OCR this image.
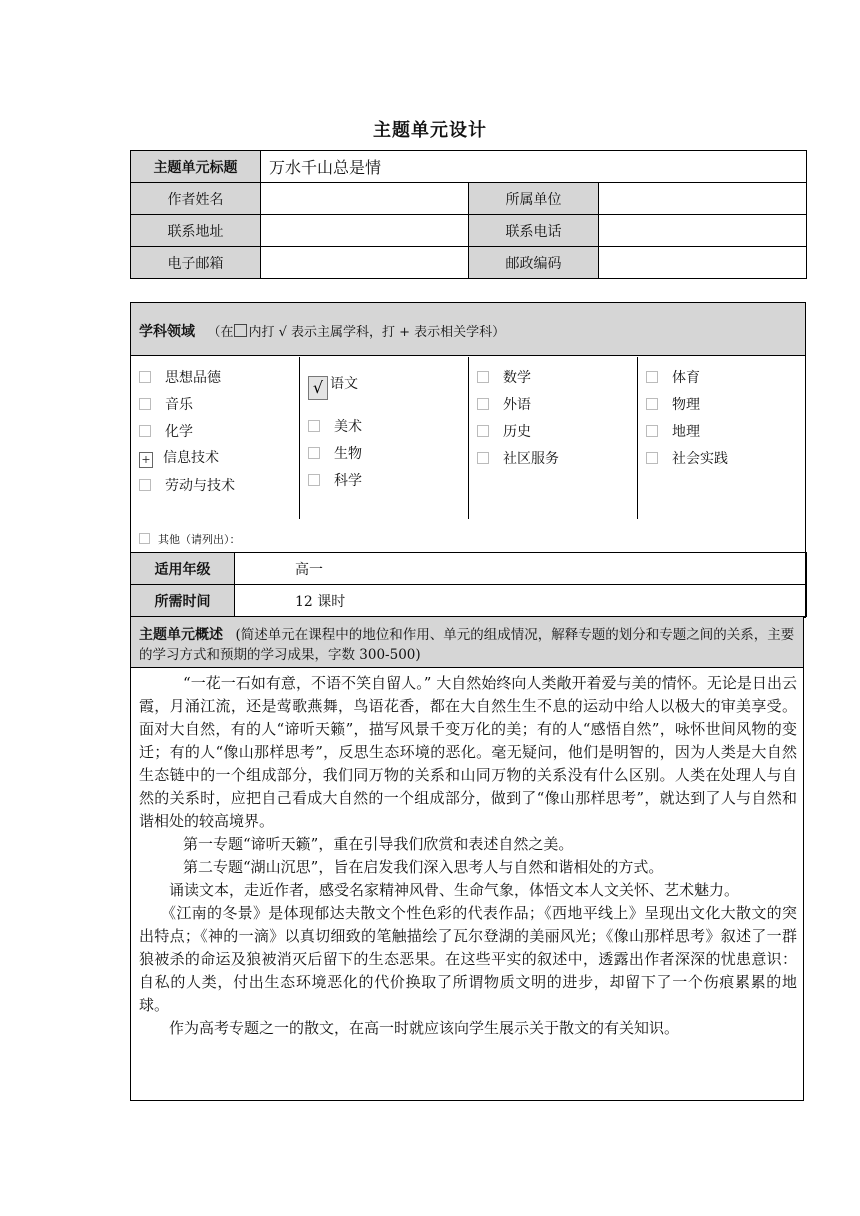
主题单元设计
主题单元标题	万水千山总是情		
作者姓名		所属单位	
联系地址		联系电话	
电子邮箱		邮政编码	
学科领域 （在 内打 √ 表示主属学科，打 + 表示相关学科）
思想品德
音乐
化学
+ 信息技术
劳动与技术
√ 语文
美术
生物
科学
数学
外语
历史
社区服务
体育
物理
地理
社会实践
其他（请列出）：
适用年级	高一
所需时间	12 课时
主题单元概述 (简述单元在课程中的地位和作用、单元的组成情况，解释专题的划分和专题之间的关系，主要的学习方式和预期的学习成果，字数 300-500)

“一花一石如有意，不语不笑自留人。” 大自然始终向人类敞开着爱与美的情怀。无论是日出云霞，月涌江流，还是莺歌燕舞，鸟语花香，都在大自然生生不息的运动中给人以极大的审美享受。面对大自然，有的人“谛听天籁”，描写风景千变万化的美；有的人“感悟自然”，咏怀世间风物的变迁；有的人“像山那样思考”，反思生态环境的恶化。毫无疑问，他们是明智的，因为人类是大自然生态链中的一个组成部分，我们同万物的关系和山同万物的关系没有什么区别。人类在处理人与自然的关系时，应把自己看成大自然的一个组成部分，做到了“像山那样思考”，就达到了人与自然和谐相处的较高境界。

第一专题“谛听天籁”，重在引导我们欣赏和表述自然之美。

第二专题“湖山沉思”，旨在启发我们深入思考人与自然和谐相处的方式。

诵读文本，走近作者，感受名家精神风骨、生命气象，体悟文本人文关怀、艺术魅力。

《江南的冬景》是体现郁达夫散文个性色彩的代表作品；《西地平线上》呈现出文化大散文的突出特点；《神的一滴》以真切细致的笔触描绘了瓦尔登湖的美丽风光；《像山那样思考》叙述了一群狼被杀的命运及狼被消灭后留下的生态恶果。在这些平实的叙述中，透露出作者深深的忧患意识：自私的人类，付出生态环境恶化的代价换取了所谓物质文明的进步，却留下了一个伤痕累累的地球。

作为高考专题之一的散文，在高一时就应该向学生展示关于散文的有关知识。
